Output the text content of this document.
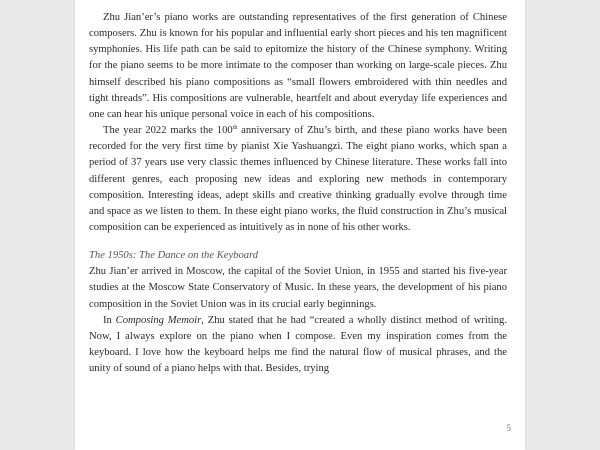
Zhu Jian’er’s piano works are outstanding representatives of the first generation of Chinese composers. Zhu is known for his popular and influential early short pieces and his ten magnificent symphonies. His life path can be said to epitomize the history of the Chinese symphony. Writing for the piano seems to be more intimate to the composer than working on large-scale pieces. Zhu himself described his piano compositions as “small flowers embroidered with thin needles and tight threads”. His compositions are vulnerable, heartfelt and about everyday life experiences and one can hear his unique personal voice in each of his compositions.

The year 2022 marks the 100th anniversary of Zhu’s birth, and these piano works have been recorded for the very first time by pianist Xie Yashuangzi. The eight piano works, which span a period of 37 years use very classic themes influenced by Chinese literature. These works fall into different genres, each proposing new ideas and exploring new methods in contemporary composition. Interesting ideas, adept skills and creative thinking gradually evolve through time and space as we listen to them. In these eight piano works, the fluid construction in Zhu’s musical composition can be experienced as intuitively as in none of his other works.

The 1950s: The Dance on the Keyboard

Zhu Jian’er arrived in Moscow, the capital of the Soviet Union, in 1955 and started his five-year studies at the Moscow State Conservatory of Music. In these years, the development of his piano composition in the Soviet Union was in its crucial early beginnings.

In Composing Memoir, Zhu stated that he had “created a wholly distinct method of writing. Now, I always explore on the piano when I compose. Even my inspiration comes from the keyboard. I love how the keyboard helps me find the natural flow of musical phrases, and the unity of sound of a piano helps with that. Besides, trying

5
